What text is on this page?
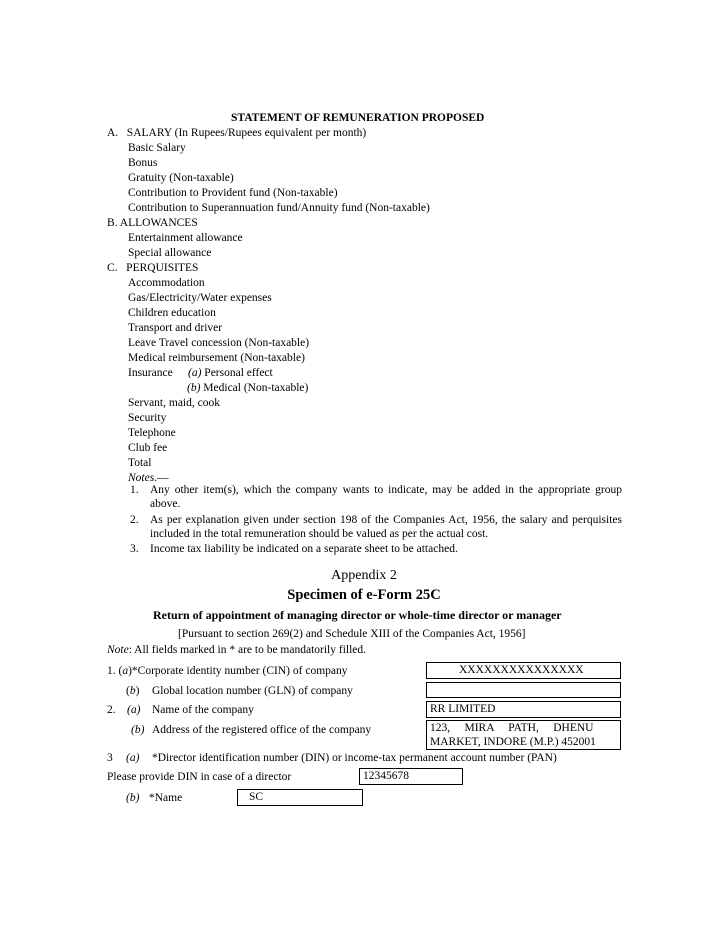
STATEMENT OF REMUNERATION PROPOSED
A.   SALARY (In Rupees/Rupees equivalent per month)
Basic Salary
Bonus
Gratuity (Non-taxable)
Contribution to Provident fund (Non-taxable)
Contribution to Superannuation fund/Annuity fund (Non-taxable)
B. ALLOWANCES
Entertainment allowance
Special allowance
C.   PERQUISITES
Accommodation
Gas/Electricity/Water expenses
Children education
Transport and driver
Leave Travel concession (Non-taxable)
Medical reimbursement (Non-taxable)
Insurance (a) Personal effect
(b) Medical (Non-taxable)
Servant, maid, cook
Security
Telephone
Club fee
Total
Notes.—
1. Any other item(s), which the company wants to indicate, may be added in the appropriate group
above.
2. As per explanation given under section 198 of the Companies Act, 1956, the salary and perquisites
included in the total remuneration should be valued as per the actual cost.
3. Income tax liability be indicated on a separate sheet to be attached.
Appendix 2
Specimen of e-Form 25C
Return of appointment of managing director or whole-time director or manager
[Pursuant to section 269(2) and Schedule XIII of the Companies Act, 1956]
Note: All fields marked in * are to be mandatorily filled.
1. (a)*Corporate identity number (CIN) of company	XXXXXXXXXXXXXXX
(b) Global location number (GLN) of company
2. (a) Name of the company	RR LIMITED
(b) Address of the registered office of the company	123,     MIRA     PATH,     DHENU
MARKET, INDORE (M.P.) 452001
3 (a) *Director identification number (DIN) or income-tax permanent account number (PAN)
Please provide DIN in case of a director	12345678
(b) *Name	SC
